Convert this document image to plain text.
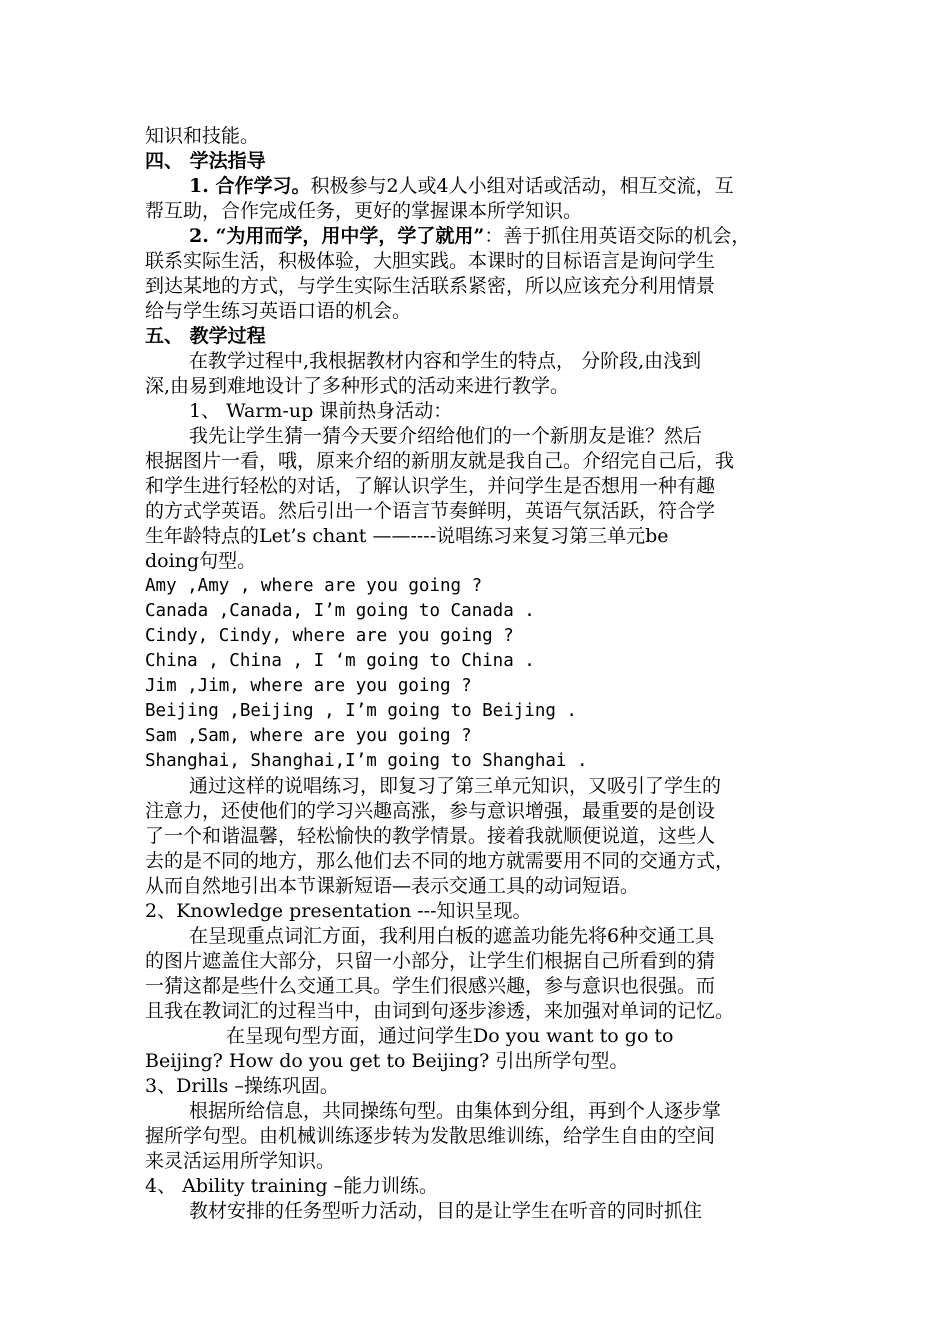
知识和技能。
四、 学法指导
1. 合作学习。积极参与2人或4人小组对话或活动，相互交流，互
帮互助，合作完成任务，更好的掌握课本所学知识。
2. “为用而学，用中学，学了就用”：善于抓住用英语交际的机会，
联系实际生活，积极体验，大胆实践。本课时的目标语言是询问学生
到达某地的方式，与学生实际生活联系紧密，所以应该充分利用情景
给与学生练习英语口语的机会。
五、 教学过程
在教学过程中,我根据教材内容和学生的特点， 分阶段,由浅到
深,由易到难地设计了多种形式的活动来进行教学。
1、 Warm-up 课前热身活动：
我先让学生猜一猜今天要介绍给他们的一个新朋友是谁？然后
根据图片一看，哦，原来介绍的新朋友就是我自己。介绍完自己后，我
和学生进行轻松的对话，了解认识学生，并问学生是否想用一种有趣
的方式学英语。然后引出一个语言节奏鲜明，英语气氛活跃，符合学
生年龄特点的Let’s chant ——----说唱练习来复习第三单元be
doing句型。
Amy ,Amy , where are you going ?
Canada ,Canada, I’m going to Canada .
Cindy, Cindy, where are you going ?
China , China , I ‘m going to China .
Jim ,Jim, where are you going ?
Beijing ,Beijing , I’m going to Beijing .
Sam ,Sam, where are you going ?
Shanghai, Shanghai,I’m going to Shanghai .
通过这样的说唱练习，即复习了第三单元知识，又吸引了学生的
注意力，还使他们的学习兴趣高涨，参与意识增强，最重要的是创设
了一个和谐温馨，轻松愉快的教学情景。接着我就顺便说道，这些人
去的是不同的地方，那么他们去不同的地方就需要用不同的交通方式，
从而自然地引出本节课新短语—表示交通工具的动词短语。
2、Knowledge presentation ---知识呈现。
在呈现重点词汇方面，我利用白板的遮盖功能先将6种交通工具
的图片遮盖住大部分，只留一小部分，让学生们根据自己所看到的猜
一猜这都是些什么交通工具。学生们很感兴趣，参与意识也很强。而
且我在教词汇的过程当中，由词到句逐步渗透，来加强对单词的记忆。
在呈现句型方面，通过问学生Do you want to go to
Beijing? How do you get to Beijing? 引出所学句型。
3、Drills –操练巩固。
根据所给信息，共同操练句型。由集体到分组，再到个人逐步掌
握所学句型。由机械训练逐步转为发散思维训练，给学生自由的空间
来灵活运用所学知识。
4、 Ability training –能力训练。
教材安排的任务型听力活动，目的是让学生在听音的同时抓住
